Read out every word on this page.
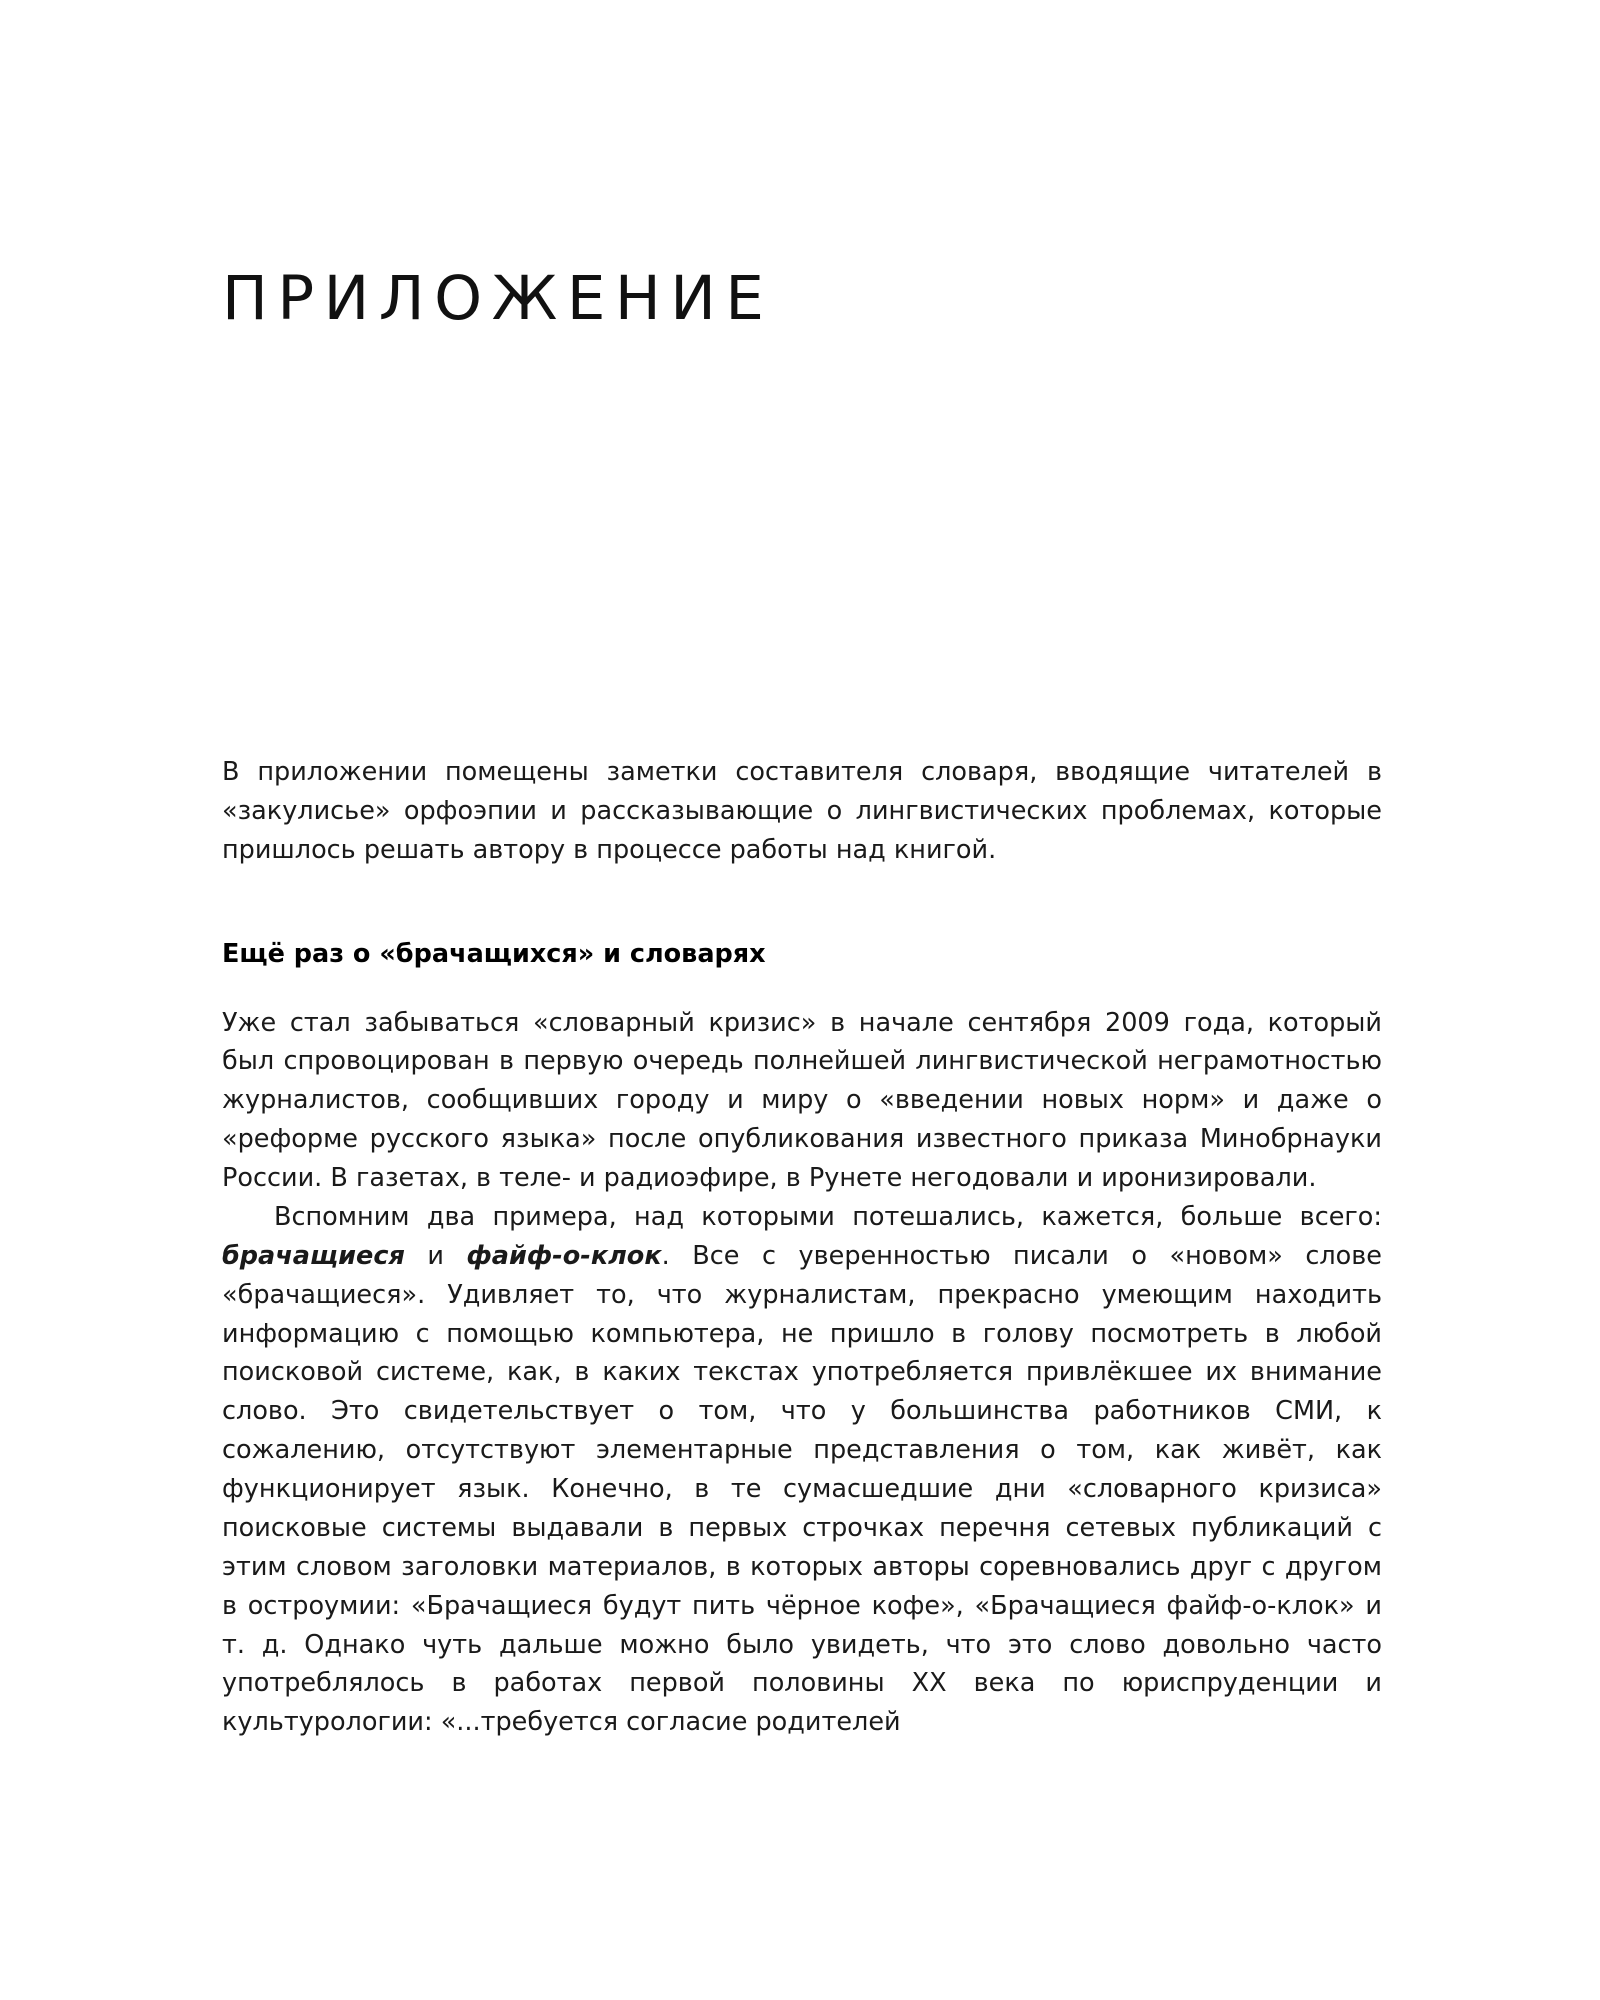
ПРИЛОЖЕНИЕ

В приложении помещены заметки составителя словаря, вводящие читателей в «закулисье» орфоэпии и рассказывающие о лингвистических проблемах, которые пришлось решать автору в процессе работы над книгой.

Ещё раз о «брачащихся» и словарях

Уже стал забываться «словарный кризис» в начале сентября 2009 года, который был спровоцирован в первую очередь полнейшей лингвистической неграмотностью журналистов, сообщивших городу и миру о «введении новых норм» и даже о «реформе русского языка» после опубликования известного приказа Минобрнауки России. В газетах, в теле- и радиоэфире, в Рунете негодовали и иронизировали.

Вспомним два примера, над которыми потешались, кажется, больше всего: брачащиеся и файф-о-клок. Все с уверенностью писали о «новом» слове «брачащиеся». Удивляет то, что журналистам, прекрасно умеющим находить информацию с помощью компьютера, не пришло в голову посмотреть в любой поисковой системе, как, в каких текстах употребляется привлёкшее их внимание слово. Это свидетельствует о том, что у большинства работников СМИ, к сожалению, отсутствуют элементарные представления о том, как живёт, как функционирует язык. Конечно, в те сумасшедшие дни «словарного кризиса» поисковые системы выдавали в первых строчках перечня сетевых публикаций с этим словом заголовки материалов, в которых авторы соревновались друг с другом в остроумии: «Брачащиеся будут пить чёрное кофе», «Брачащиеся файф-о-клок» и т. д. Однако чуть дальше можно было увидеть, что это слово довольно часто употреблялось в работах первой половины XX века по юриспруденции и культурологии: «...требуется согласие родителей
